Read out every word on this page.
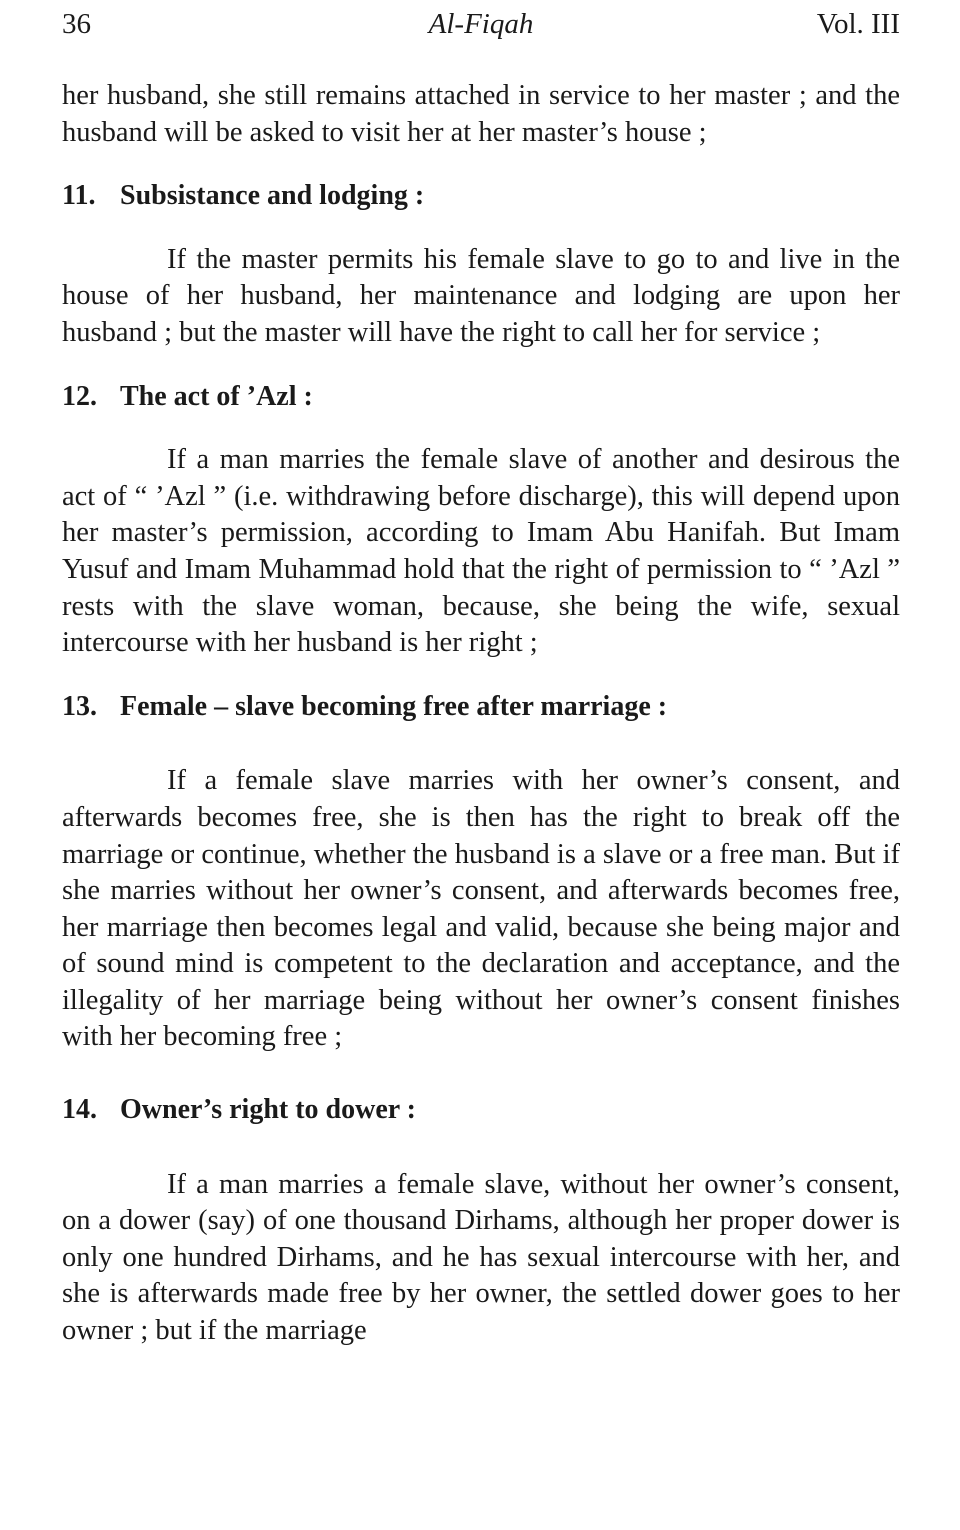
Al-Fiqah
36	Vol. III

her husband, she still remains attached in service to her master ; and the husband will be asked to visit her at her master’s house ;

11. Subsistance and lodging :

If the master permits his female slave to go to and live in the house of her husband, her maintenance and lodging are upon her husband ; but the master will have the right to call her for service ;

12. The act of ’Azl :

If a man marries the female slave of another and desirous the act of “ ’Azl ” (i.e. withdrawing before discharge), this will depend upon her master’s permission, according to Imam Abu Hanifah. But Imam Yusuf and Imam Muhammad hold that the right of permission to “ ’Azl ” rests with the slave woman, because, she being the wife, sexual intercourse with her husband is her right ;

13. Female – slave becoming free after marriage :

If a female slave marries with her owner’s consent, and afterwards becomes free, she is then has the right to break off the marriage or continue, whether the husband is a slave or a free man. But if she marries without her owner’s consent, and afterwards becomes free, her marriage then becomes legal and valid, because she being major and of sound mind is competent to the declaration and acceptance, and the illegality of her marriage being without her owner’s consent finishes with her becoming free ;

14. Owner’s right to dower :

If a man marries a female slave, without her owner’s consent, on a dower (say) of one thousand Dirhams, although her proper dower is only one hundred Dirhams, and he has sexual intercourse with her, and she is afterwards made free by her owner, the settled dower goes to her owner ; but if the marriage
